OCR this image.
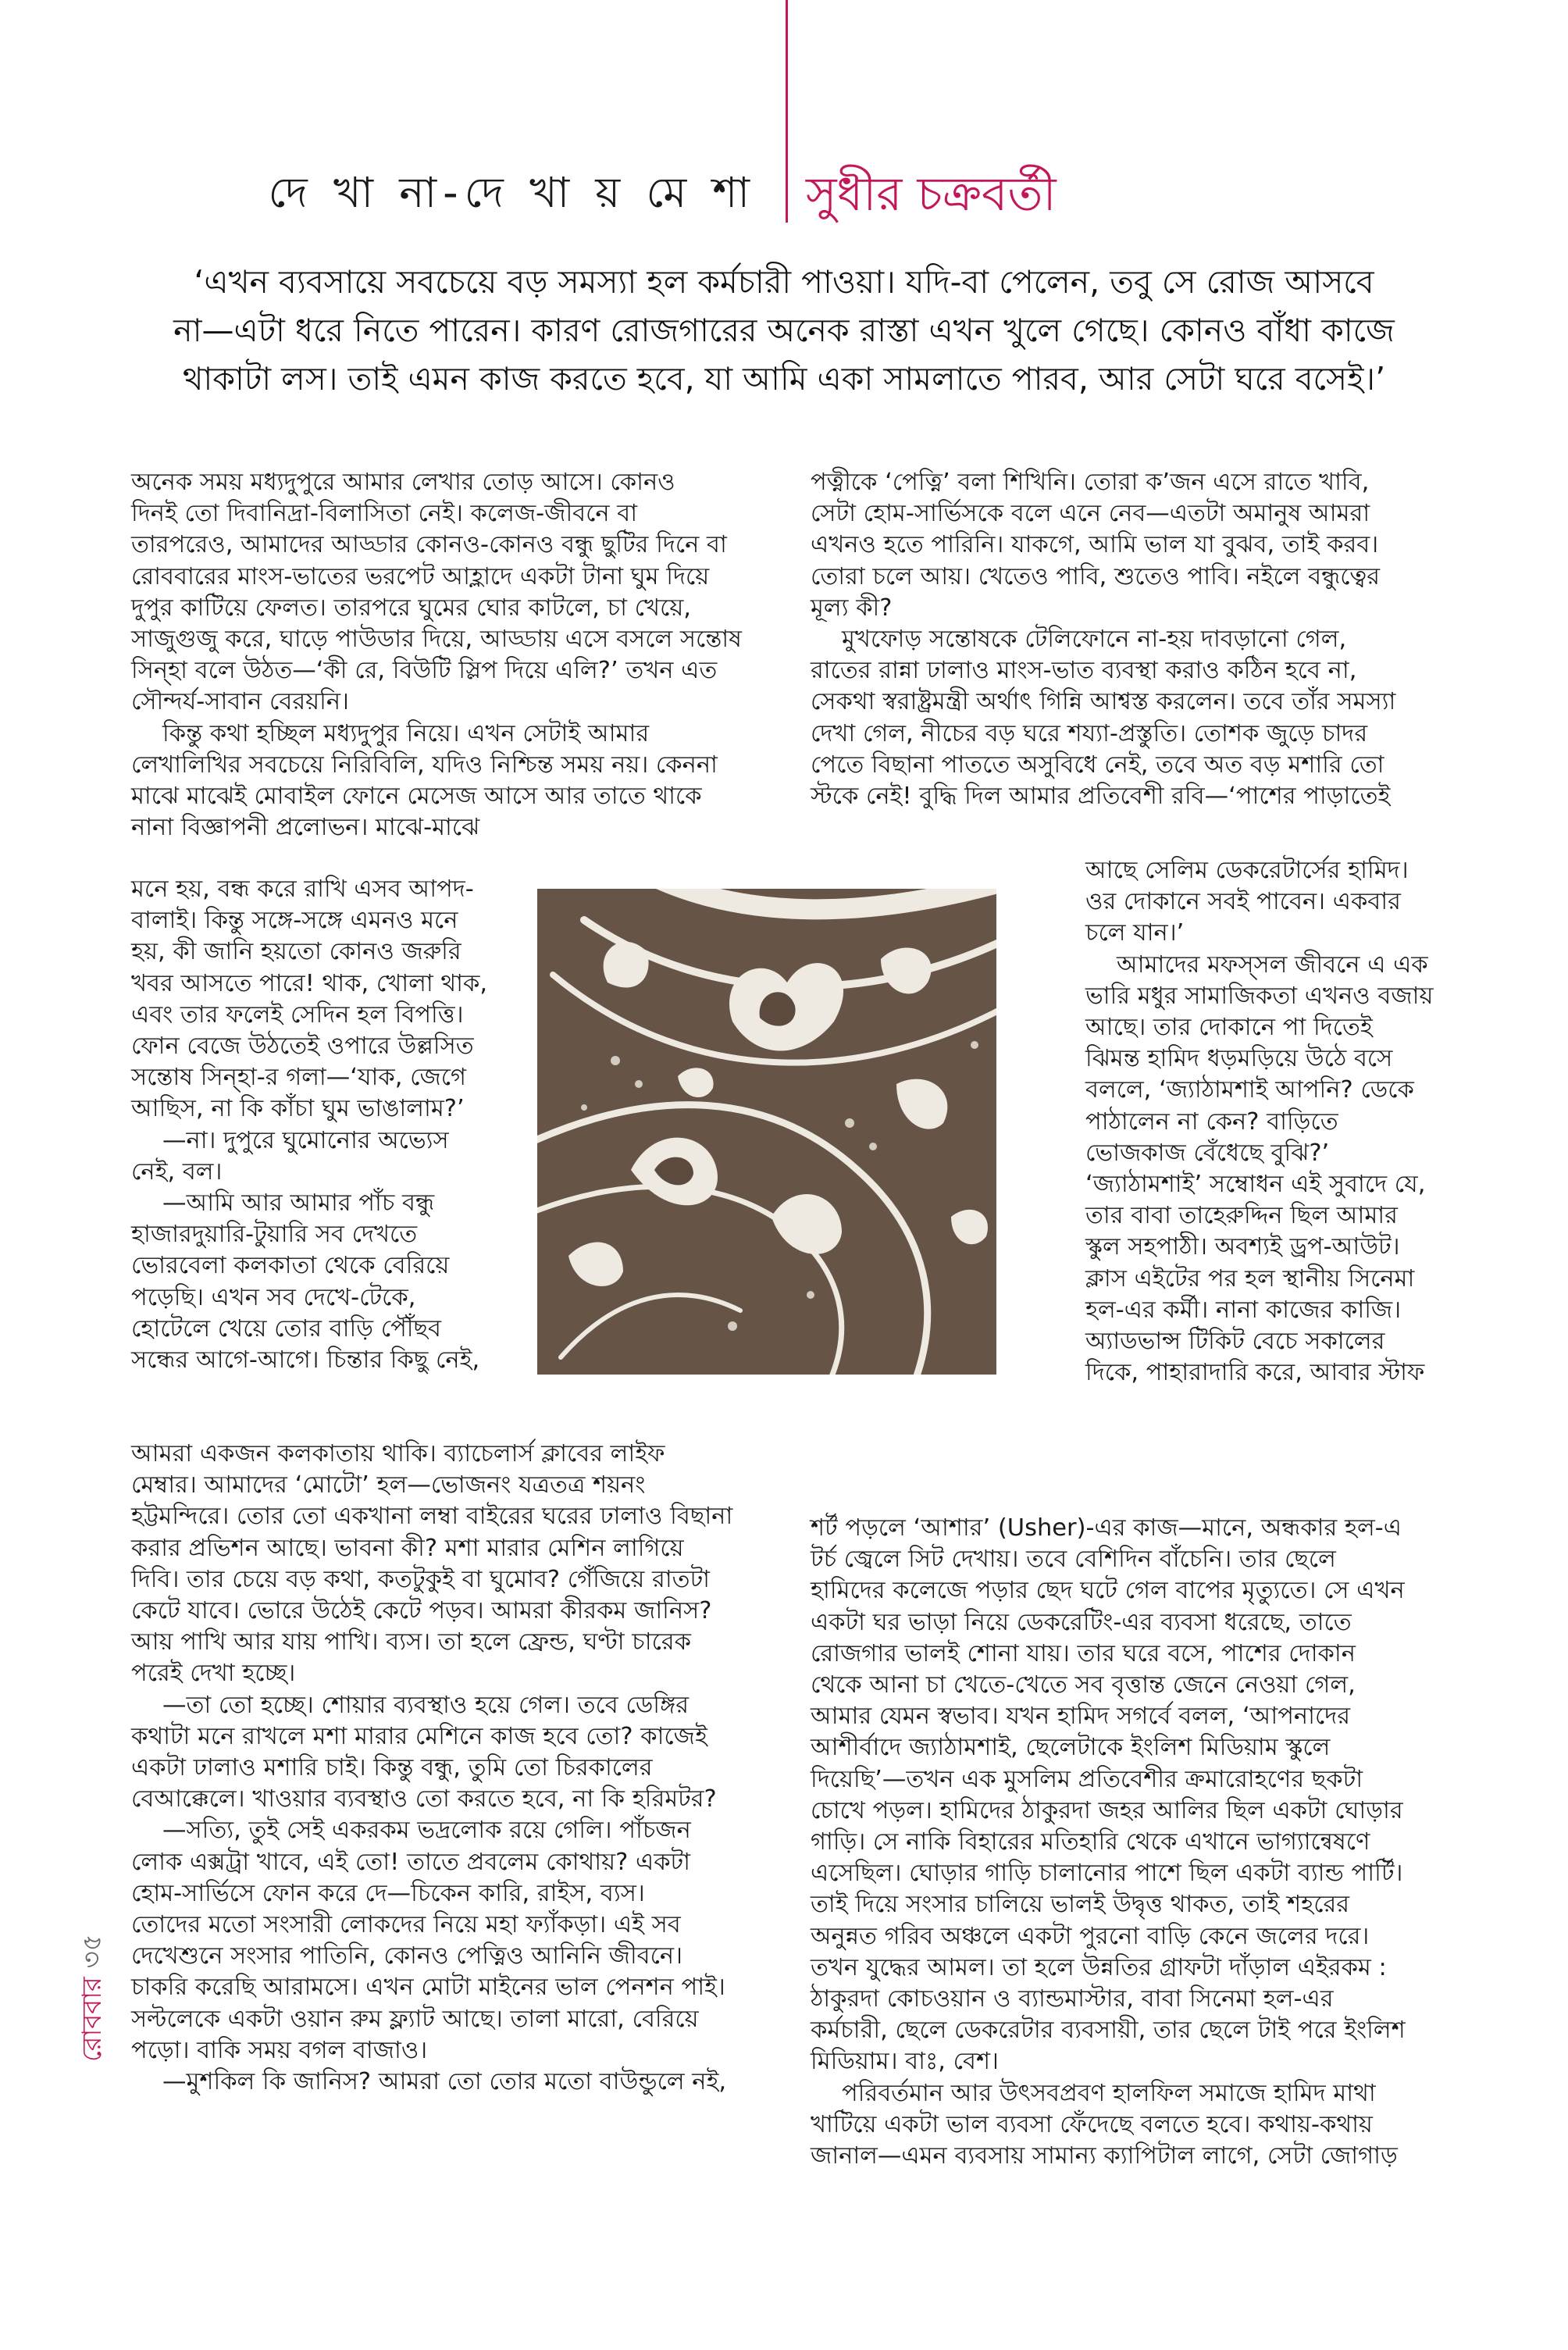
দে খা না-দে খা য় মে শা সুধীর চক্রবর্তী
‘এখন ব্যবসায়ে সবচেয়ে বড় সমস্যা হল কর্মচারী পাওয়া। যদি-বা পেলেন, তবু সে রোজ আসবে
না—এটা ধরে নিতে পারেন। কারণ রোজগারের অনেক রাস্তা এখন খুলে গেছে। কোনও বাঁধা কাজে
থাকাটা লস। তাই এমন কাজ করতে হবে, যা আমি একা সামলাতে পারব, আর সেটা ঘরে বসেই।’
অনেক সময় মধ্যদুপুরে আমার লেখার তোড় আসে। কোনও
দিনই তো দিবানিদ্রা-বিলাসিতা নেই। কলেজ-জীবনে বা
তারপরেও, আমাদের আড্ডার কোনও-কোনও বন্ধু ছুটির দিনে বা
রোববারের মাংস-ভাতের ভরপেট আহ্লাদে একটা টানা ঘুম দিয়ে
দুপুর কাটিয়ে ফেলত। তারপরে ঘুমের ঘোর কাটলে, চা খেয়ে,
সাজুগুজু করে, ঘাড়ে পাউডার দিয়ে, আড্ডায় এসে বসলে সন্তোষ
সিন্হা বলে উঠত—‘কী রে, বিউটি স্লিপ দিয়ে এলি?’ তখন এত
সৌন্দর্য-সাবান বেরয়নি।
কিন্তু কথা হচ্ছিল মধ্যদুপুর নিয়ে। এখন সেটাই আমার
লেখালিখির সবচেয়ে নিরিবিলি, যদিও নিশ্চিন্ত সময় নয়। কেননা
মাঝে মাঝেই মোবাইল ফোনে মেসেজ আসে আর তাতে থাকে
নানা বিজ্ঞাপনী প্রলোভন। মাঝে-মাঝে
মনে হয়, বন্ধ করে রাখি এসব আপদ-
বালাই। কিন্তু সঙ্গে-সঙ্গে এমনও মনে
হয়, কী জানি হয়তো কোনও জরুরি
খবর আসতে পারে! থাক, খোলা থাক,
এবং তার ফলেই সেদিন হল বিপত্তি।
ফোন বেজে উঠতেই ওপারে উল্লসিত
সন্তোষ সিন্হা-র গলা—‘যাক, জেগে
আছিস, না কি কাঁচা ঘুম ভাঙালাম?’
—না। দুপুরে ঘুমোনোর অভ্যেস
নেই, বল।
—আমি আর আমার পাঁচ বন্ধু
হাজারদুয়ারি-টুয়ারি সব দেখতে
ভোরবেলা কলকাতা থেকে বেরিয়ে
পড়েছি। এখন সব দেখে-টেকে,
হোটেলে খেয়ে তোর বাড়ি পৌঁছব
সন্ধের আগে-আগে। চিন্তার কিছু নেই,
আমরা একজন কলকাতায় থাকি। ব্যাচেলার্স ক্লাবের লাইফ
মেম্বার। আমাদের ‘মোটো’ হল—ভোজনং যত্রতত্র শয়নং
হট্টমন্দিরে। তোর তো একখানা লম্বা বাইরের ঘরের ঢালাও বিছানা
করার প্রভিশন আছে। ভাবনা কী? মশা মারার মেশিন লাগিয়ে
দিবি। তার চেয়ে বড় কথা, কতটুকুই বা ঘুমোব? গেঁজিয়ে রাতটা
কেটে যাবে। ভোরে উঠেই কেটে পড়ব। আমরা কীরকম জানিস?
আয় পাখি আর যায় পাখি। ব্যস। তা হলে ফ্রেন্ড, ঘণ্টা চারেক
পরেই দেখা হচ্ছে।
—তা তো হচ্ছে। শোয়ার ব্যবস্থাও হয়ে গেল। তবে ডেঙ্গির
কথাটা মনে রাখলে মশা মারার মেশিনে কাজ হবে তো? কাজেই
একটা ঢালাও মশারি চাই। কিন্তু বন্ধু, তুমি তো চিরকালের
বেআক্কেলে। খাওয়ার ব্যবস্থাও তো করতে হবে, না কি হরিমটর?
—সত্যি, তুই সেই একরকম ভদ্রলোক রয়ে গেলি। পাঁচজন
লোক এক্সট্রা খাবে, এই তো! তাতে প্রবলেম কোথায়? একটা
হোম-সার্ভিসে ফোন করে দে—চিকেন কারি, রাইস, ব্যস।
তোদের মতো সংসারী লোকদের নিয়ে মহা ফ্যাঁকড়া। এই সব
দেখেশুনে সংসার পাতিনি, কোনও পেত্নিও আনিনি জীবনে।
চাকরি করেছি আরামসে। এখন মোটা মাইনের ভাল পেনশন পাই।
সল্টলেকে একটা ওয়ান রুম ফ্ল্যাট আছে। তালা মারো, বেরিয়ে
পড়ো। বাকি সময় বগল বাজাও।
—মুশকিল কি জানিস? আমরা তো তোর মতো বাউন্ডুলে নই,
পত্নীকে ‘পেত্নি’ বলা শিখিনি। তোরা ক’জন এসে রাতে খাবি,
সেটা হোম-সার্ভিসকে বলে এনে নেব—এতটা অমানুষ আমরা
এখনও হতে পারিনি। যাকগে, আমি ভাল যা বুঝব, তাই করব।
তোরা চলে আয়। খেতেও পাবি, শুতেও পাবি। নইলে বন্ধুত্বের
মূল্য কী?
মুখফোড় সন্তোষকে টেলিফোনে না-হয় দাবড়ানো গেল,
রাতের রান্না ঢালাও মাংস-ভাত ব্যবস্থা করাও কঠিন হবে না,
সেকথা স্বরাষ্ট্রমন্ত্রী অর্থাৎ গিন্নি আশ্বস্ত করলেন। তবে তাঁর সমস্যা
দেখা গেল, নীচের বড় ঘরে শয্যা-প্রস্তুতি। তোশক জুড়ে চাদর
পেতে বিছানা পাততে অসুবিধে নেই, তবে অত বড় মশারি তো
স্টকে নেই! বুদ্ধি দিল আমার প্রতিবেশী রবি—‘পাশের পাড়াতেই
আছে সেলিম ডেকরেটার্সের হামিদ।
ওর দোকানে সবই পাবেন। একবার
চলে যান।’
আমাদের মফস্সল জীবনে এ এক
ভারি মধুর সামাজিকতা এখনও বজায়
আছে। তার দোকানে পা দিতেই
ঝিমন্ত হামিদ ধড়মড়িয়ে উঠে বসে
বললে, ‘জ্যাঠামশাই আপনি? ডেকে
পাঠালেন না কেন? বাড়িতে
ভোজকাজ বেঁধেছে বুঝি?’
‘জ্যাঠামশাই’ সম্বোধন এই সুবাদে যে,
তার বাবা তাহেরুদ্দিন ছিল আমার
স্কুল সহপাঠী। অবশ্যই ড্রপ-আউট।
ক্লাস এইটের পর হল স্থানীয় সিনেমা
হল-এর কর্মী। নানা কাজের কাজি।
অ্যাডভান্স টিকিট বেচে সকালের
দিকে, পাহারাদারি করে, আবার স্টাফ
শর্ট পড়লে ‘আশার’ (Usher)-এর কাজ—মানে, অন্ধকার হল-এ
টর্চ জ্বেলে সিট দেখায়। তবে বেশিদিন বাঁচেনি। তার ছেলে
হামিদের কলেজে পড়ার ছেদ ঘটে গেল বাপের মৃত্যুতে। সে এখন
একটা ঘর ভাড়া নিয়ে ডেকরেটিং-এর ব্যবসা ধরেছে, তাতে
রোজগার ভালই শোনা যায়। তার ঘরে বসে, পাশের দোকান
থেকে আনা চা খেতে-খেতে সব বৃত্তান্ত জেনে নেওয়া গেল,
আমার যেমন স্বভাব। যখন হামিদ সগর্বে বলল, ‘আপনাদের
আশীর্বাদে জ্যাঠামশাই, ছেলেটাকে ইংলিশ মিডিয়াম স্কুলে
দিয়েছি’—তখন এক মুসলিম প্রতিবেশীর ক্রমারোহণের ছকটা
চোখে পড়ল। হামিদের ঠাকুরদা জহর আলির ছিল একটা ঘোড়ার
গাড়ি। সে নাকি বিহারের মতিহারি থেকে এখানে ভাগ্যান্বেষণে
এসেছিল। ঘোড়ার গাড়ি চালানোর পাশে ছিল একটা ব্যান্ড পার্টি।
তাই দিয়ে সংসার চালিয়ে ভালই উদ্বৃত্ত থাকত, তাই শহরের
অনুন্নত গরিব অঞ্চলে একটা পুরনো বাড়ি কেনে জলের দরে।
তখন যুদ্ধের আমল। তা হলে উন্নতির গ্রাফটা দাঁড়াল এইরকম :
ঠাকুরদা কোচওয়ান ও ব্যান্ডমাস্টার, বাবা সিনেমা হল-এর
কর্মচারী, ছেলে ডেকরেটার ব্যবসায়ী, তার ছেলে টাই পরে ইংলিশ
মিডিয়াম। বাঃ, বেশ।
পরিবর্তমান আর উৎসবপ্রবণ হালফিল সমাজে হামিদ মাথা
খাটিয়ে একটা ভাল ব্যবসা ফেঁদেছে বলতে হবে। কথায়-কথায়
জানাল—এমন ব্যবসায় সামান্য ক্যাপিটাল লাগে, সেটা জোগাড়
রোববার ৩৫
